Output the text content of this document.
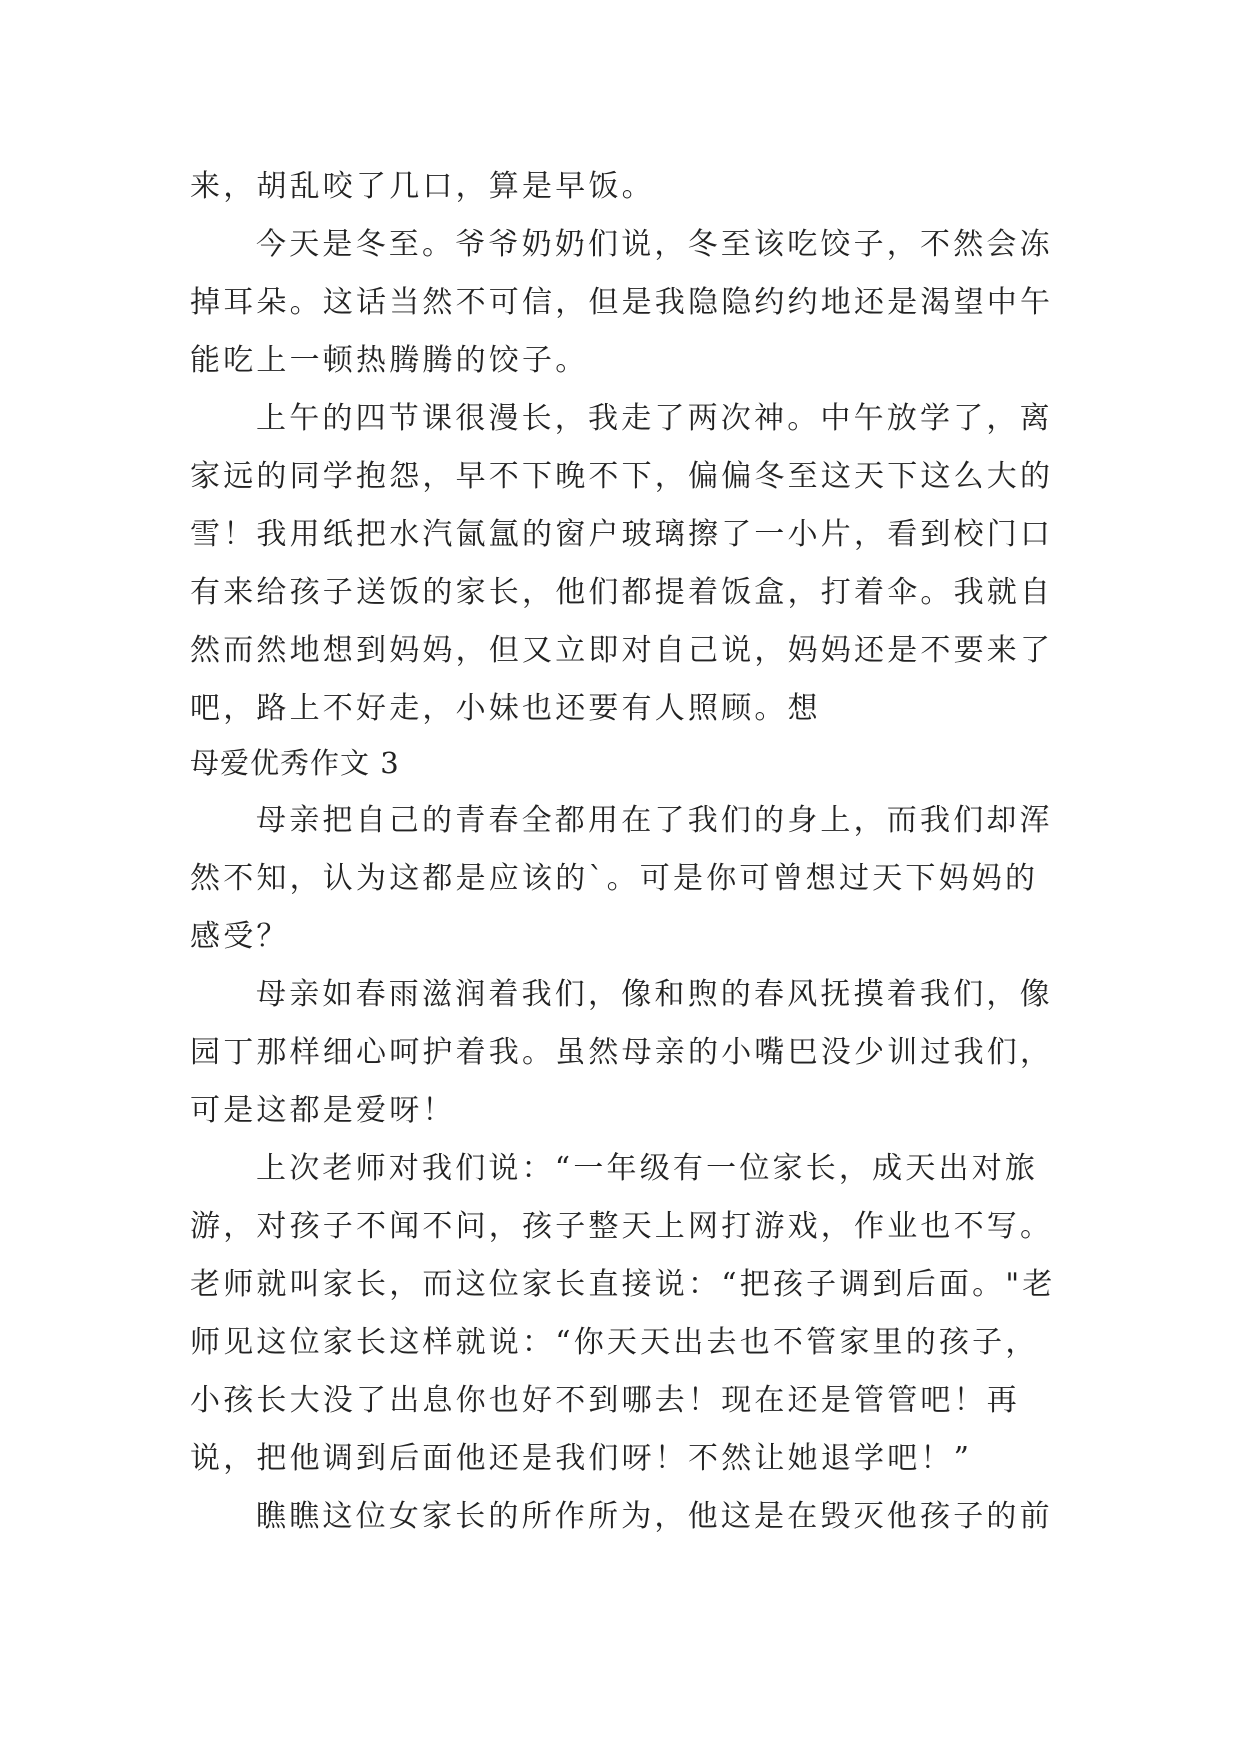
来，胡乱咬了几口，算是早饭。
今天是冬至。爷爷奶奶们说，冬至该吃饺子，不然会冻
掉耳朵。这话当然不可信，但是我隐隐约约地还是渴望中午
能吃上一顿热腾腾的饺子。
上午的四节课很漫长，我走了两次神。中午放学了，离
家远的同学抱怨，早不下晚不下，偏偏冬至这天下这么大的
雪！我用纸把水汽氤氲的窗户玻璃擦了一小片，看到校门口
有来给孩子送饭的家长，他们都提着饭盒，打着伞。我就自
然而然地想到妈妈，但又立即对自己说，妈妈还是不要来了
吧，路上不好走，小妹也还要有人照顾。想
母爱优秀作文 3
母亲把自己的青春全都用在了我们的身上，而我们却浑
然不知，认为这都是应该的`。可是你可曾想过天下妈妈的
感受？
母亲如春雨滋润着我们，像和煦的春风抚摸着我们，像
园丁那样细心呵护着我。虽然母亲的小嘴巴没少训过我们，
可是这都是爱呀！
上次老师对我们说：“一年级有一位家长，成天出对旅
游，对孩子不闻不问，孩子整天上网打游戏，作业也不写。
老师就叫家长，而这位家长直接说：“把孩子调到后面。"老
师见这位家长这样就说：“你天天出去也不管家里的孩子，
小孩长大没了出息你也好不到哪去！现在还是管管吧！再
说，把他调到后面他还是我们呀！不然让她退学吧！”
瞧瞧这位女家长的所作所为，他这是在毁灭他孩子的前
